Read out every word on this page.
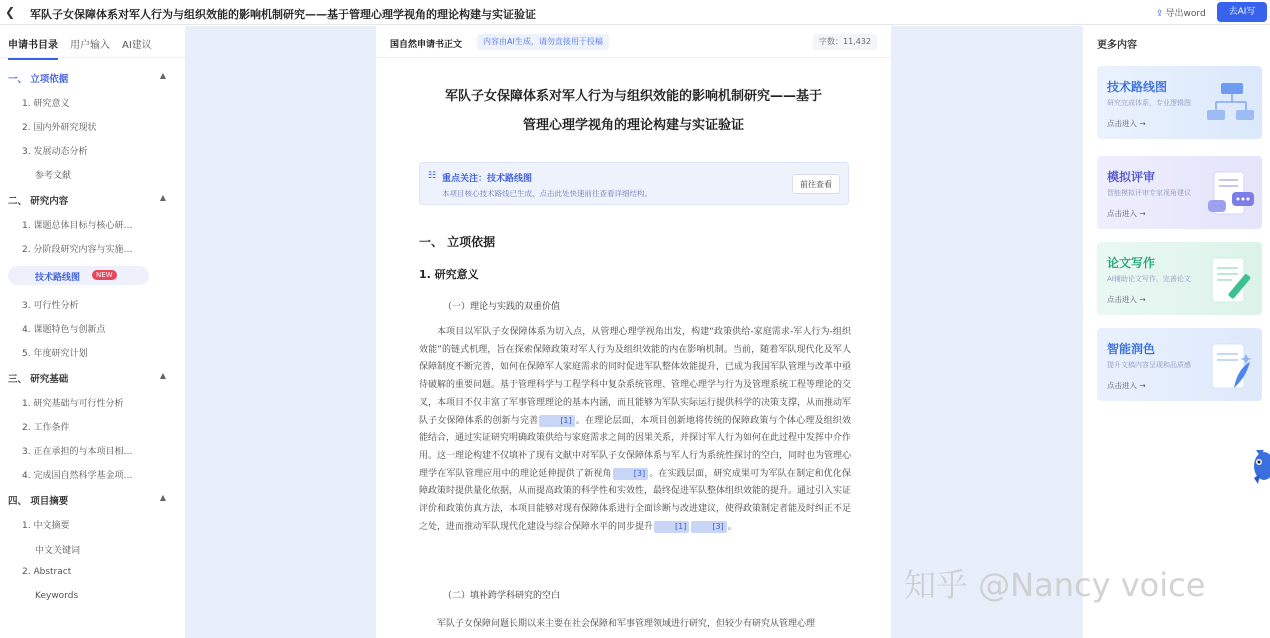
❮ 军队子女保障体系对军人行为与组织效能的影响机制研究——基于管理心理学视角的理论构建与实证验证	⇪ 导出word	去AI写
申请书目录 用户输入 AI建议
一、 立项依据	▲
1. 研究意义
2. 国内外研究现状
3. 发展动态分析
参考文献
二、 研究内容	▲
1. 课题总体目标与核心研…
2. 分阶段研究内容与实施…
技术路线图	NEW
3. 可行性分析
4. 课题特色与创新点
5. 年度研究计划
三、 研究基础	▲
1. 研究基础与可行性分析
2. 工作条件
3. 正在承担的与本项目相…
4. 完成国自然科学基金项…
四、 项目摘要	▲
1. 中文摘要
中文关键词
2. Abstract
Keywords
国自然申请书正文	内容由AI生成，请勿直接用于投稿	字数：11,432
军队子女保障体系对军人行为与组织效能的影响机制研究——基于
管理心理学视角的理论构建与实证验证
☷ 重点关注：技术路线图
本项目核心技术路线已生成，点击此处快速前往查看详细结构。
前往查看
一、 立项依据
1. 研究意义
（一）理论与实践的双重价值
本项目以军队子女保障体系为切入点，从管理心理学视角出发，构建“政策供给-家庭需求-军人行为-组织效能”的链式机理，旨在探索保障政策对军人行为及组织效能的内在影响机制。当前，随着军队现代化及军人保障制度不断完善，如何在保障军人家庭需求的同时促进军队整体效能提升，已成为我国军队管理与改革中亟待破解的重要问题。基于管理科学与工程学科中复杂系统管理、管理心理学与行为及管理系统工程等理论的交叉，本项目不仅丰富了军事管理理论的基本内涵，而且能够为军队实际运行提供科学的决策支撑，从而推动军队子女保障体系的创新与完善	[1] 。在理论层面，本项目创新地将传统的保障政策与个体心理及组织效能结合，通过实证研究明确政策供给与家庭需求之间的因果关系，并探讨军人行为如何在此过程中发挥中介作用。这一理论构建不仅填补了现有文献中对军队子女保障体系与军人行为系统性探讨的空白，同时也为管理心理学在军队管理应用中的理论延伸提供了新视角	[3] 。在实践层面，研究成果可为军队在制定和优化保障政策时提供量化依据，从而提高政策的科学性和实效性，最终促进军队整体组织效能的提升。通过引入实证评价和政策仿真方法，本项目能够对现有保障体系进行全面诊断与改进建议，使得政策制定者能及时纠正不足之处，进而推动军队现代化建设与综合保障水平的同步提升	[1]	[3] 。
（二）填补跨学科研究的空白
军队子女保障问题长期以来主要在社会保障和军事管理领域进行研究，但较少有研究从管理心理
更多内容
技术路线图
研究完成体系，专业逻辑图
点击进入 →
模拟评审
智能模拟评审专家视角建议
点击进入 →
论文写作
AI辅助论文写作，完善论文
点击进入 →
智能润色
提升文稿内容呈现和品质感
点击进入 →
知乎 @Nancy voice
